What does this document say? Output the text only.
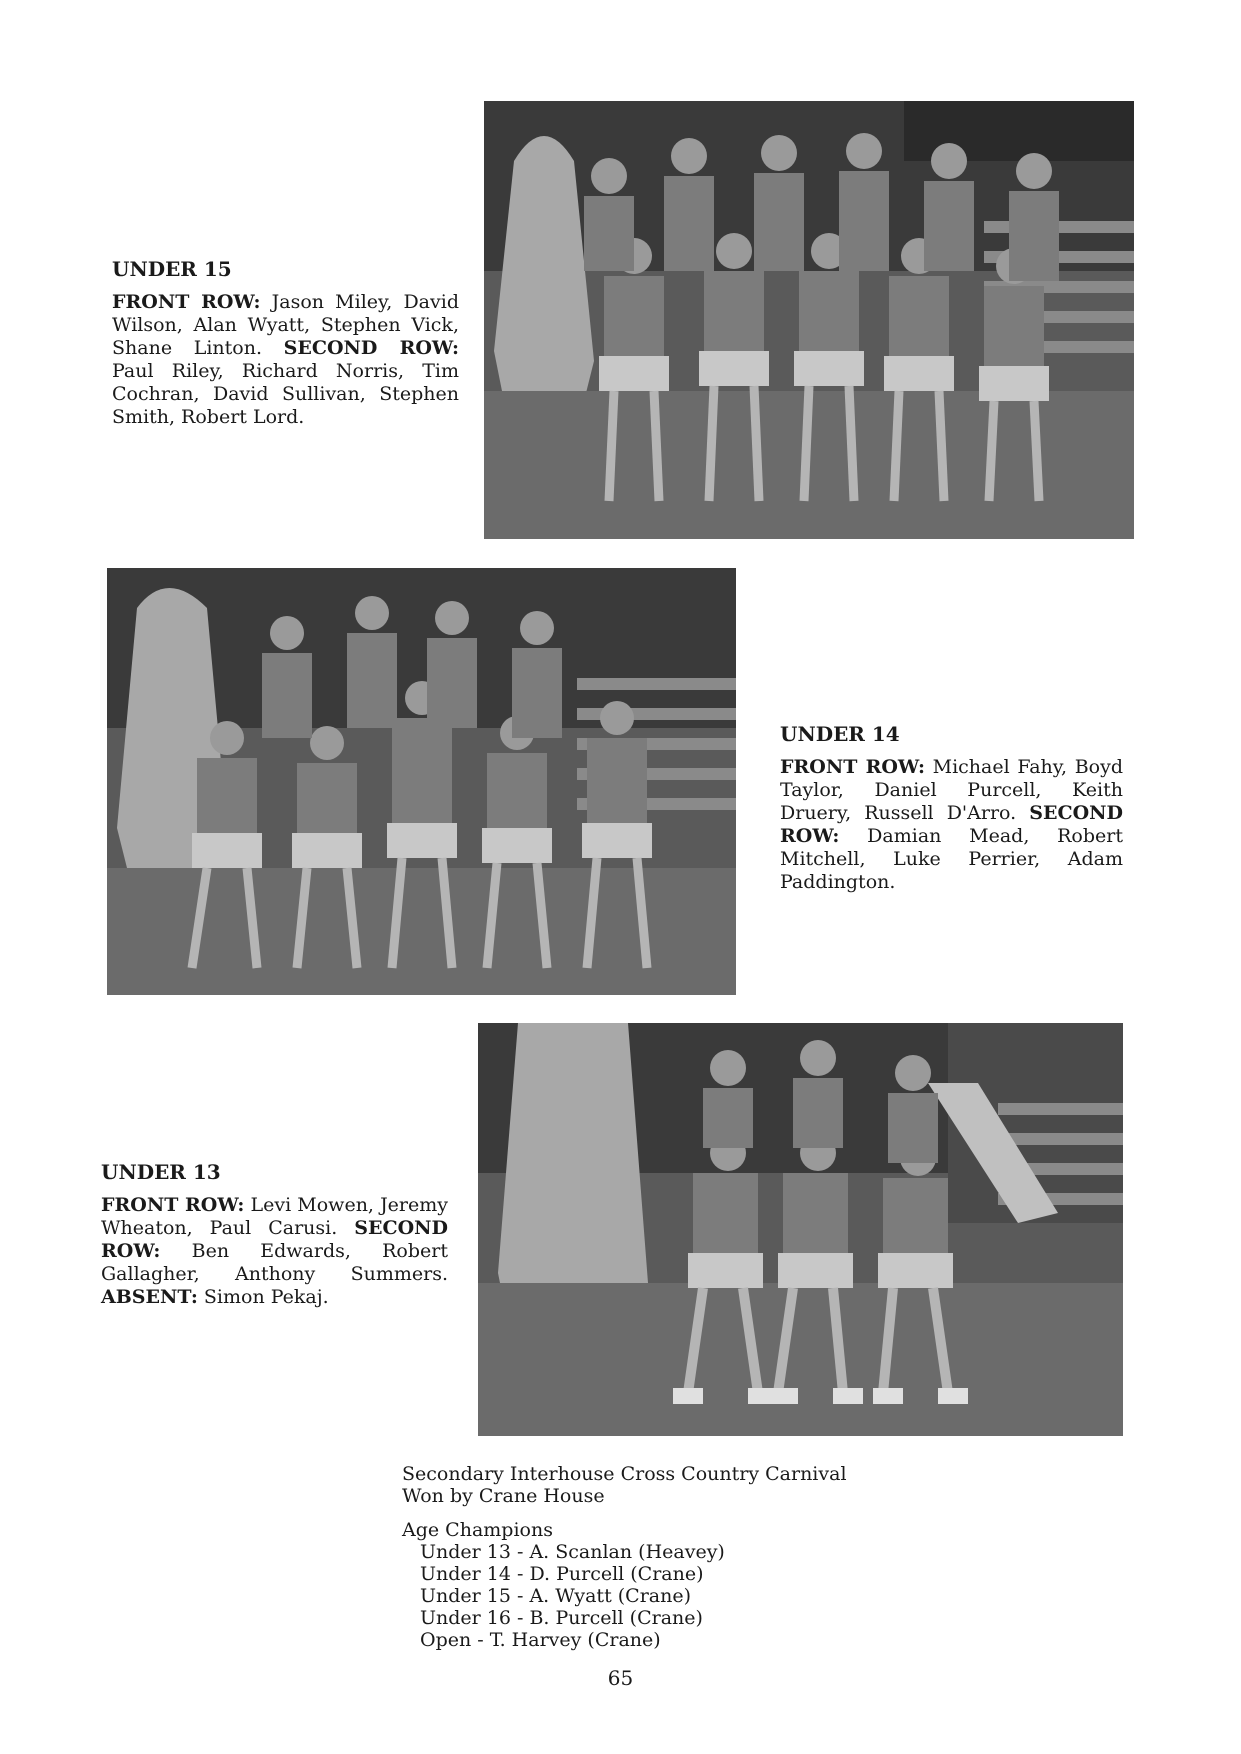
UNDER 15
FRONT ROW: Jason Miley, David Wilson, Alan Wyatt, Stephen Vick, Shane Linton. SECOND ROW: Paul Riley, Richard Norris, Tim Cochran, David Sullivan, Stephen Smith, Robert Lord.
UNDER 14
FRONT ROW: Michael Fahy, Boyd Taylor, Daniel Purcell, Keith Druery, Russell D'Arro. SECOND ROW: Damian Mead, Robert Mitchell, Luke Perrier, Adam Paddington.
UNDER 13
FRONT ROW: Levi Mowen, Jeremy Wheaton, Paul Carusi. SECOND ROW: Ben Edwards, Robert Gallagher, Anthony Summers. ABSENT: Simon Pekaj.
Secondary Interhouse Cross Country Carnival
Won by Crane House
Age Champions
Under 13 - A. Scanlan (Heavey)
Under 14 - D. Purcell (Crane)
Under 15 - A. Wyatt (Crane)
Under 16 - B. Purcell (Crane)
Open - T. Harvey (Crane)
65
